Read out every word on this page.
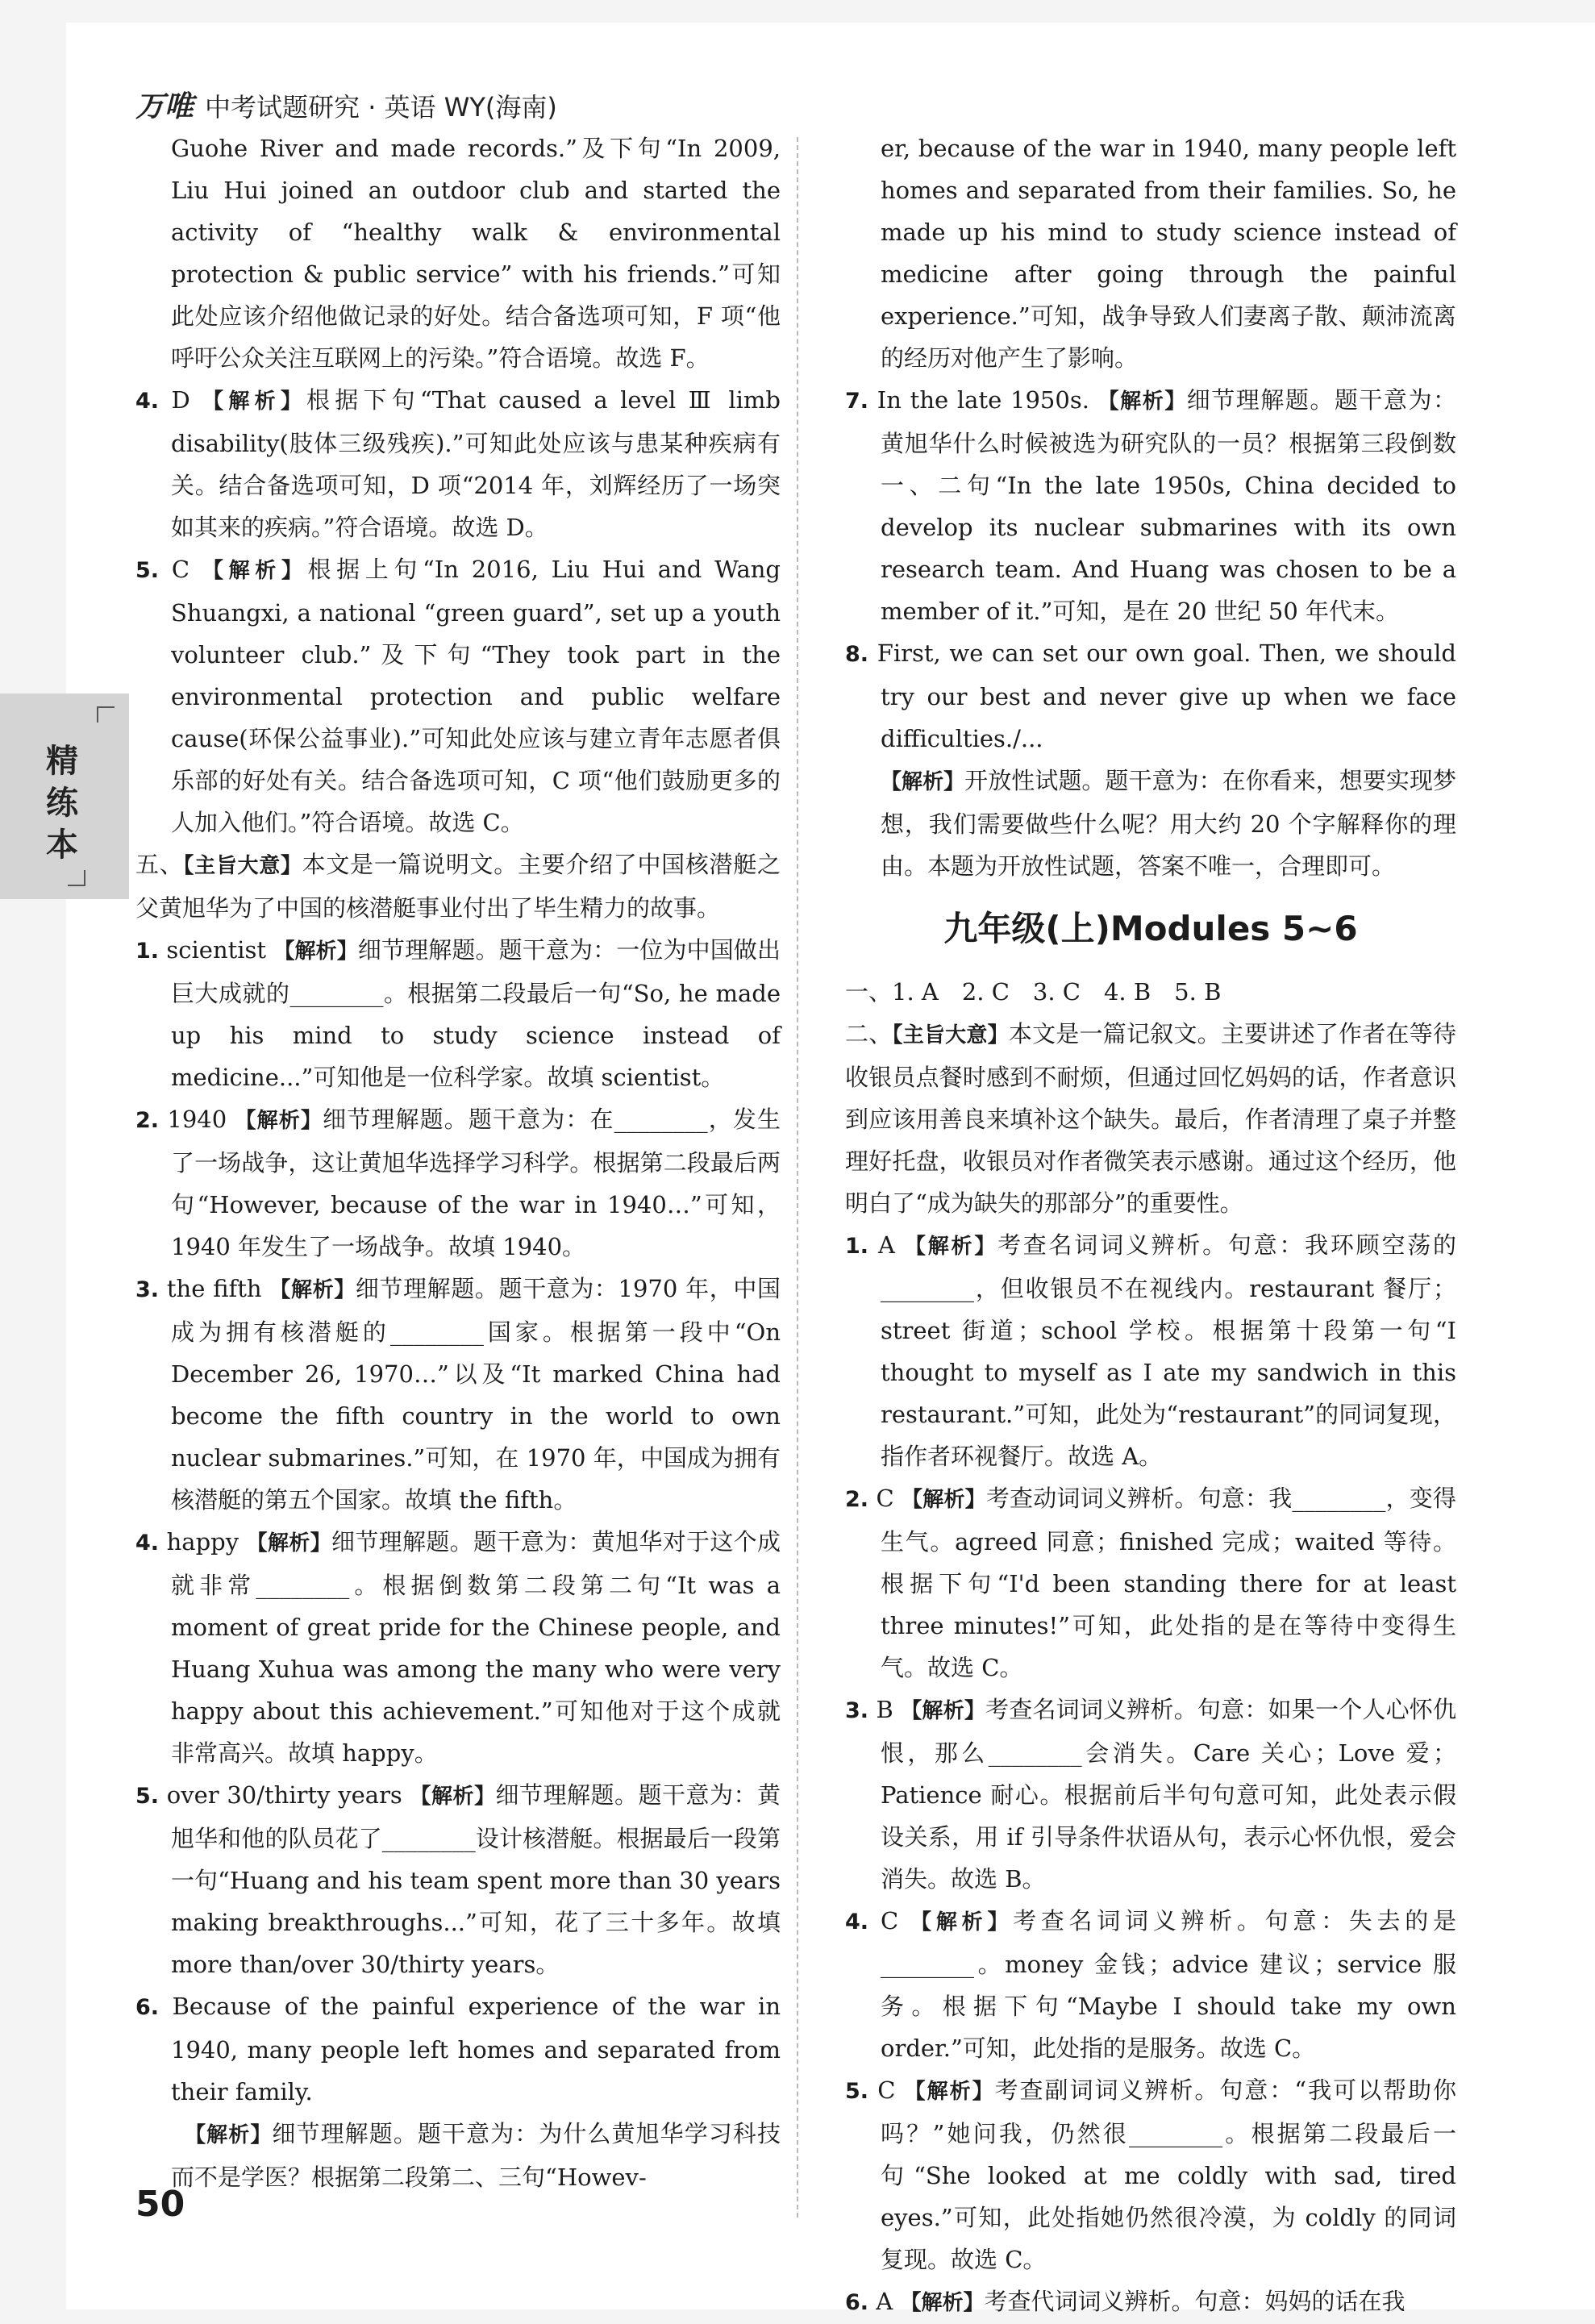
万唯 中考试题研究 · 英语 WY(海南)
精练本

Guohe River and made records.”及下句“In 2009, Liu Hui joined an outdoor club and started the activity of “healthy walk & environmental protection & public service” with his friends.”可知此处应该介绍他做记录的好处。结合备选项可知，F 项“他呼吁公众关注互联网上的污染。”符合语境。故选 F。

4. D 【解析】根据下句“That caused a level Ⅲ limb disability(肢体三级残疾).”可知此处应该与患某种疾病有关。结合备选项可知，D 项“2014 年，刘辉经历了一场突如其来的疾病。”符合语境。故选 D。

5. C 【解析】根据上句“In 2016, Liu Hui and Wang Shuangxi, a national “green guard”, set up a youth volunteer club.”及下句“They took part in the environmental protection and public welfare cause(环保公益事业).”可知此处应该与建立青年志愿者俱乐部的好处有关。结合备选项可知，C 项“他们鼓励更多的人加入他们。”符合语境。故选 C。

五、【主旨大意】本文是一篇说明文。主要介绍了中国核潜艇之父黄旭华为了中国的核潜艇事业付出了毕生精力的故事。

1. scientist 【解析】细节理解题。题干意为：一位为中国做出巨大成就的________。根据第二段最后一句“So, he made up his mind to study science instead of medicine...”可知他是一位科学家。故填 scientist。

2. 1940 【解析】细节理解题。题干意为：在________，发生了一场战争，这让黄旭华选择学习科学。根据第二段最后两句“However, because of the war in 1940…”可知，1940 年发生了一场战争。故填 1940。

3. the fifth 【解析】细节理解题。题干意为：1970 年，中国成为拥有核潜艇的________国家。根据第一段中“On December 26, 1970…”以及“It marked China had become the fifth country in the world to own nuclear submarines.”可知，在 1970 年，中国成为拥有核潜艇的第五个国家。故填 the fifth。

4. happy 【解析】细节理解题。题干意为：黄旭华对于这个成就非常________。根据倒数第二段第二句“It was a moment of great pride for the Chinese people, and Huang Xuhua was among the many who were very happy about this achievement.”可知他对于这个成就非常高兴。故填 happy。

5. over 30/thirty years 【解析】细节理解题。题干意为：黄旭华和他的队员花了________设计核潜艇。根据最后一段第一句“Huang and his team spent more than 30 years making breakthroughs...”可知，花了三十多年。故填 more than/over 30/thirty years。

6. Because of the painful experience of the war in 1940, many people left homes and separated from their family.

　【解析】细节理解题。题干意为：为什么黄旭华学习科技而不是学医？根据第二段第二、三句“Howev-

er, because of the war in 1940, many people left homes and separated from their families. So, he made up his mind to study science instead of medicine after going through the painful experience.”可知，战争导致人们妻离子散、颠沛流离的经历对他产生了影响。

7. In the late 1950s. 【解析】细节理解题。题干意为：黄旭华什么时候被选为研究队的一员？根据第三段倒数一、二句“In the late 1950s, China decided to develop its nuclear submarines with its own research team. And Huang was chosen to be a member of it.”可知，是在 20 世纪 50 年代末。

8. First, we can set our own goal. Then, we should try our best and never give up when we face difficulties./...

【解析】开放性试题。题干意为：在你看来，想要实现梦想，我们需要做些什么呢？用大约 20 个字解释你的理由。本题为开放性试题，答案不唯一，合理即可。

九年级(上)Modules 5~6

一、1. A　2. C　3. C　4. B　5. B

二、【主旨大意】本文是一篇记叙文。主要讲述了作者在等待收银员点餐时感到不耐烦，但通过回忆妈妈的话，作者意识到应该用善良来填补这个缺失。最后，作者清理了桌子并整理好托盘，收银员对作者微笑表示感谢。通过这个经历，他明白了“成为缺失的那部分”的重要性。

1. A 【解析】考查名词词义辨析。句意：我环顾空荡的________，但收银员不在视线内。restaurant 餐厅；street 街道；school 学校。根据第十段第一句“I thought to myself as I ate my sandwich in this restaurant.”可知，此处为“restaurant”的同词复现，指作者环视餐厅。故选 A。

2. C 【解析】考查动词词义辨析。句意：我________，变得生气。agreed 同意；finished 完成；waited 等待。根据下句“I'd been standing there for at least three minutes!”可知，此处指的是在等待中变得生气。故选 C。

3. B 【解析】考查名词词义辨析。句意：如果一个人心怀仇恨，那么________会消失。Care 关心；Love 爱；Patience 耐心。根据前后半句句意可知，此处表示假设关系，用 if 引导条件状语从句，表示心怀仇恨，爱会消失。故选 B。

4. C 【解析】考查名词词义辨析。句意：失去的是________。money 金钱；advice 建议；service 服务。根据下句“Maybe I should take my own order.”可知，此处指的是服务。故选 C。

5. C 【解析】考查副词词义辨析。句意：“我可以帮助你吗？”她问我，仍然很________。根据第二段最后一句“She looked at me coldly with sad, tired eyes.”可知，此处指她仍然很冷漠，为 coldly 的同词复现。故选 C。

6. A 【解析】考查代词词义辨析。句意：妈妈的话在我

50
